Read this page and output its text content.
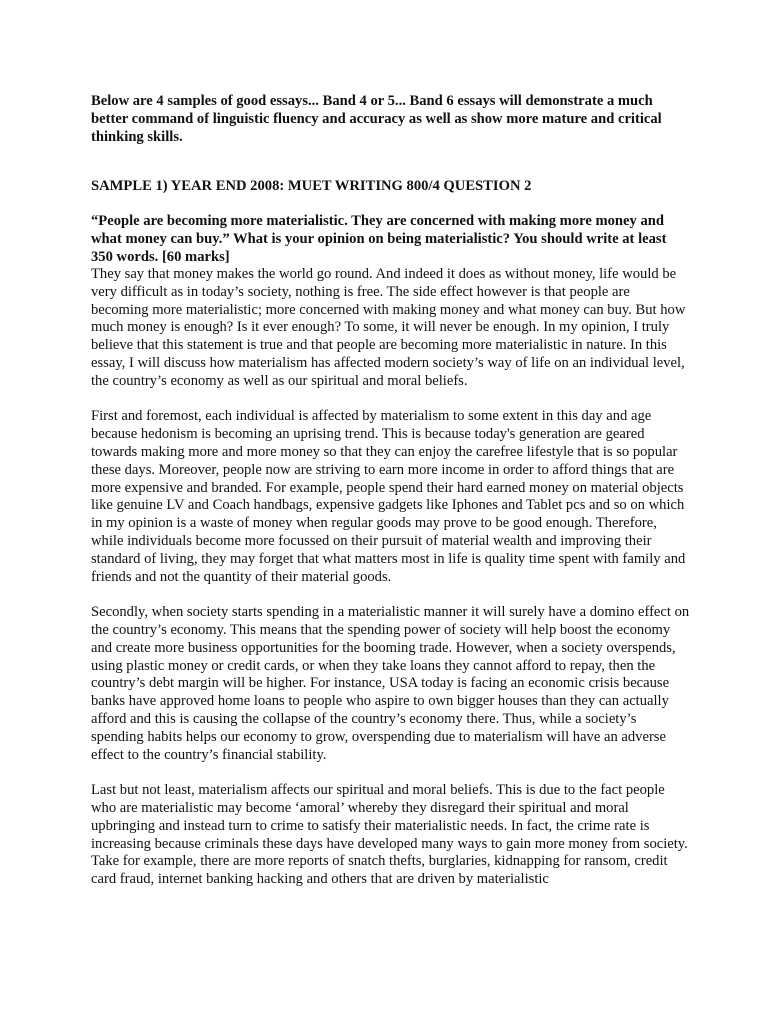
Below are 4 samples of good essays... Band 4 or 5... Band 6 essays will demonstrate a much better command of linguistic fluency and accuracy as well as show more mature and critical thinking skills.

SAMPLE 1) YEAR END 2008: MUET WRITING 800/4 QUESTION 2

“People are becoming more materialistic. They are concerned with making more money and what money can buy.” What is your opinion on being materialistic? You should write at least 350 words. [60 marks]

They say that money makes the world go round. And indeed it does as without money, life would be very difficult as in today’s society, nothing is free. The side effect however is that people are becoming more materialistic; more concerned with making money and what money can buy. But how much money is enough? Is it ever enough? To some, it will never be enough. In my opinion, I truly believe that this statement is true and that people are becoming more materialistic in nature. In this essay, I will discuss how materialism has affected modern society’s way of life on an individual level, the country’s economy as well as our spiritual and moral beliefs.

First and foremost, each individual is affected by materialism to some extent in this day and age because hedonism is becoming an uprising trend. This is because today's generation are geared towards making more and more money so that they can enjoy the carefree lifestyle that is so popular these days. Moreover, people now are striving to earn more income in order to afford things that are more expensive and branded. For example, people spend their hard earned money on material objects like genuine LV and Coach handbags, expensive gadgets like Iphones and Tablet pcs and so on which in my opinion is a waste of money when regular goods may prove to be good enough. Therefore, while individuals become more focussed on their pursuit of material wealth and improving their standard of living, they may forget that what matters most in life is quality time spent with family and friends and not the quantity of their material goods.

Secondly, when society starts spending in a materialistic manner it will surely have a domino effect on the country’s economy. This means that the spending power of society will help boost the economy and create more business opportunities for the booming trade. However, when a society overspends, using plastic money or credit cards, or when they take loans they cannot afford to repay, then the country’s debt margin will be higher. For instance, USA today is facing an economic crisis because banks have approved home loans to people who aspire to own bigger houses than they can actually afford and this is causing the collapse of the country’s economy there. Thus, while a society’s spending habits helps our economy to grow, overspending due to materialism will have an adverse effect to the country’s financial stability.

Last but not least, materialism affects our spiritual and moral beliefs. This is due to the fact people who are materialistic may become ‘amoral’ whereby they disregard their spiritual and moral upbringing and instead turn to crime to satisfy their materialistic needs. In fact, the crime rate is increasing because criminals these days have developed many ways to gain more money from society. Take for example, there are more reports of snatch thefts, burglaries, kidnapping for ransom, credit card fraud, internet banking hacking and others that are driven by materialistic
